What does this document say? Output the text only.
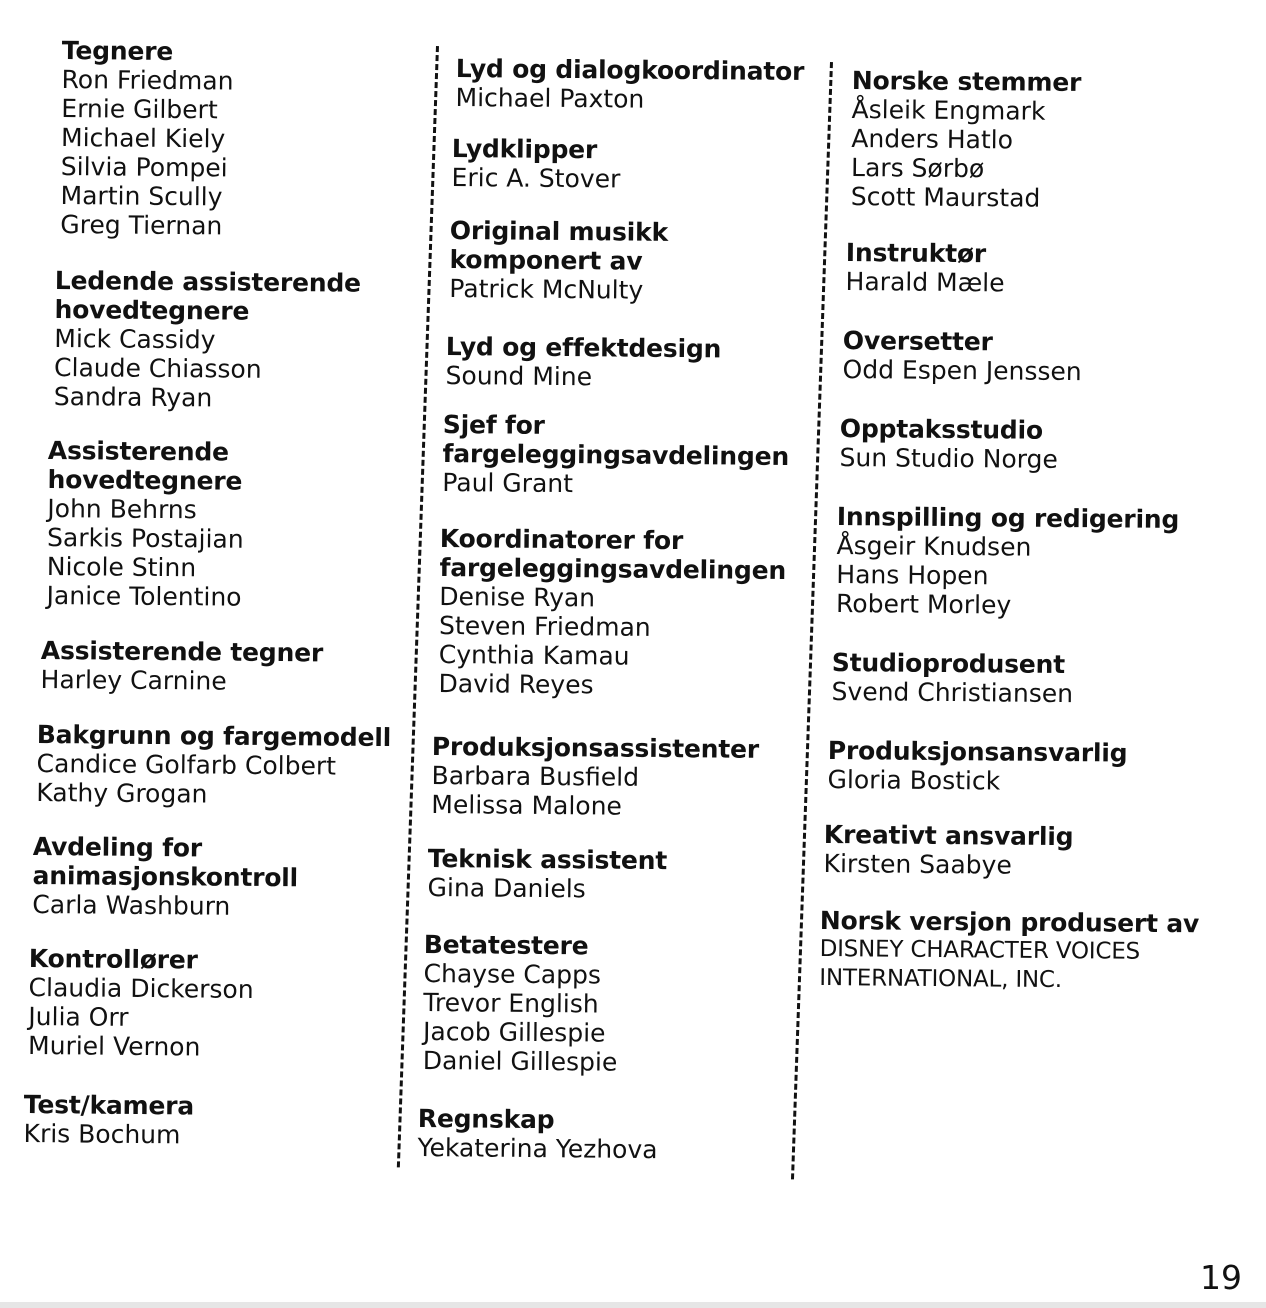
Tegnere
Ron Friedman
Ernie Gilbert
Michael Kiely
Silvia Pompei
Martin Scully
Greg Tiernan
Ledende assisterende
hovedtegnere
Mick Cassidy
Claude Chiasson
Sandra Ryan
Assisterende
hovedtegnere
John Behrns
Sarkis Postajian
Nicole Stinn
Janice Tolentino
Assisterende tegner
Harley Carnine
Bakgrunn og fargemodell
Candice Golfarb Colbert
Kathy Grogan
Avdeling for
animasjonskontroll
Carla Washburn
Kontrollører
Claudia Dickerson
Julia Orr
Muriel Vernon
Test/kamera
Kris Bochum
Lyd og dialogkoordinator
Michael Paxton
Lydklipper
Eric A. Stover
Original musikk
komponert av
Patrick McNulty
Lyd og effektdesign
Sound Mine
Sjef for
fargeleggingsavdelingen
Paul Grant
Koordinatorer for
fargeleggingsavdelingen
Denise Ryan
Steven Friedman
Cynthia Kamau
David Reyes
Produksjonsassistenter
Barbara Busfield
Melissa Malone
Teknisk assistent
Gina Daniels
Betatestere
Chayse Capps
Trevor English
Jacob Gillespie
Daniel Gillespie
Regnskap
Yekaterina Yezhova
Norske stemmer
Åsleik Engmark
Anders Hatlo
Lars Sørbø
Scott Maurstad
Instruktør
Harald Mæle
Oversetter
Odd Espen Jenssen
Opptaksstudio
Sun Studio Norge
Innspilling og redigering
Åsgeir Knudsen
Hans Hopen
Robert Morley
Studioprodusent
Svend Christiansen
Produksjonsansvarlig
Gloria Bostick
Kreativt ansvarlig
Kirsten Saabye
Norsk versjon produsert av
DISNEY CHARACTER VOICES
INTERNATIONAL, INC.
19
